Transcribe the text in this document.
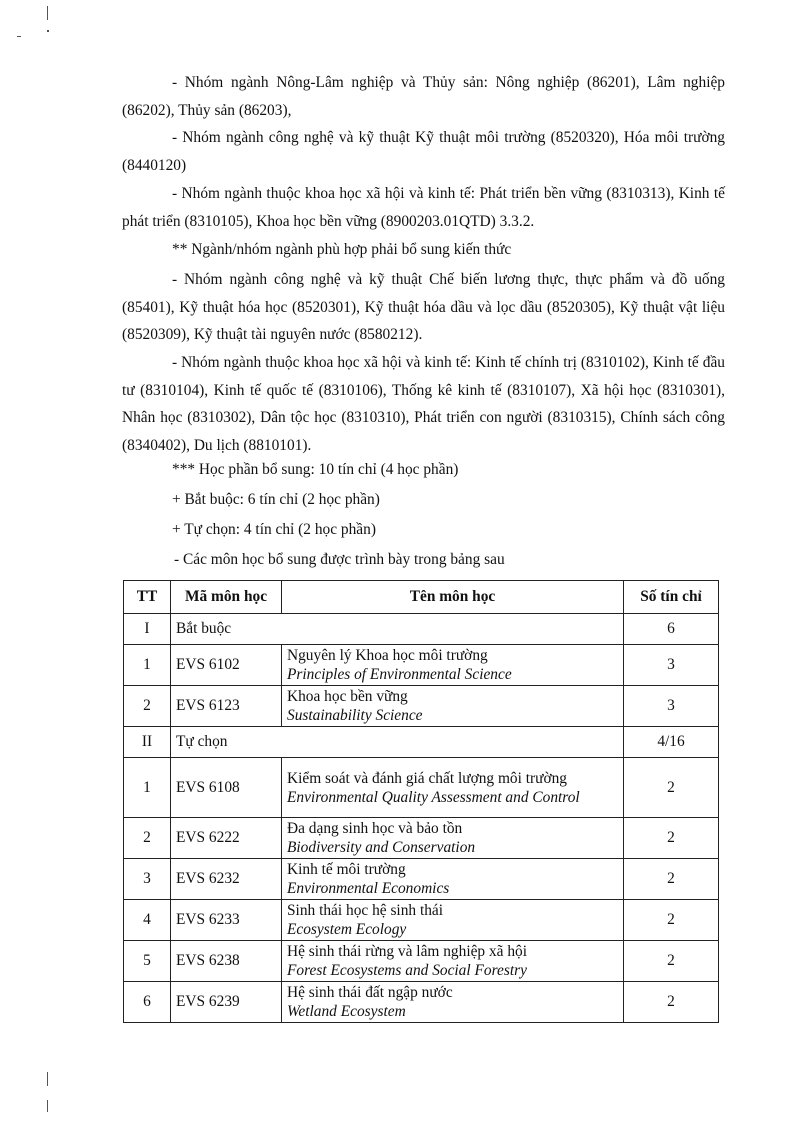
- Nhóm ngành Nông-Lâm nghiệp và Thủy sản: Nông nghiệp (86201), Lâm nghiệp (86202), Thủy sản (86203),

- Nhóm ngành công nghệ và kỹ thuật Kỹ thuật môi trường (8520320), Hóa môi trường (8440120)

- Nhóm ngành thuộc khoa học xã hội và kinh tế: Phát triển bền vững (8310313), Kinh tế phát triển (8310105), Khoa học bền vững (8900203.01QTD) 3.3.2.

** Ngành/nhóm ngành phù hợp phải bổ sung kiến thức

- Nhóm ngành công nghệ và kỹ thuật Chế biến lương thực, thực phẩm và đồ uống (85401), Kỹ thuật hóa học (8520301), Kỹ thuật hóa dầu và lọc dầu (8520305), Kỹ thuật vật liệu (8520309), Kỹ thuật tài nguyên nước (8580212).

- Nhóm ngành thuộc khoa học xã hội và kinh tế: Kinh tế chính trị (8310102), Kinh tế đầu tư (8310104), Kinh tế quốc tế (8310106), Thống kê kinh tế (8310107), Xã hội học (8310301), Nhân học (8310302), Dân tộc học (8310310), Phát triển con người (8310315), Chính sách công (8340402), Du lịch (8810101).

*** Học phần bổ sung: 10 tín chỉ (4 học phần)

+ Bắt buộc: 6 tín chỉ (2 học phần)

+ Tự chọn: 4 tín chỉ (2 học phần)

- Các môn học bổ sung được trình bày trong bảng sau

TT	Mã môn học	Tên môn học	Số tín chỉ
I	Bắt buộc		6
1	EVS 6102	Nguyên lý Khoa học môi trường
Principles of Environmental Science	3
2	EVS 6123	Khoa học bền vững
Sustainability Science	3
II	Tự chọn		4/16
1	EVS 6108	Kiểm soát và đánh giá chất lượng môi trường
Environmental Quality Assessment and Control	2
2	EVS 6222	Đa dạng sinh học và bảo tồn
Biodiversity and Conservation	2
3	EVS 6232	Kinh tế môi trường
Environmental Economics	2
4	EVS 6233	Sinh thái học hệ sinh thái
Ecosystem Ecology	2
5	EVS 6238	Hệ sinh thái rừng và lâm nghiệp xã hội
Forest Ecosystems and Social Forestry	2
6	EVS 6239	Hệ sinh thái đất ngập nước
Wetland Ecosystem	2
